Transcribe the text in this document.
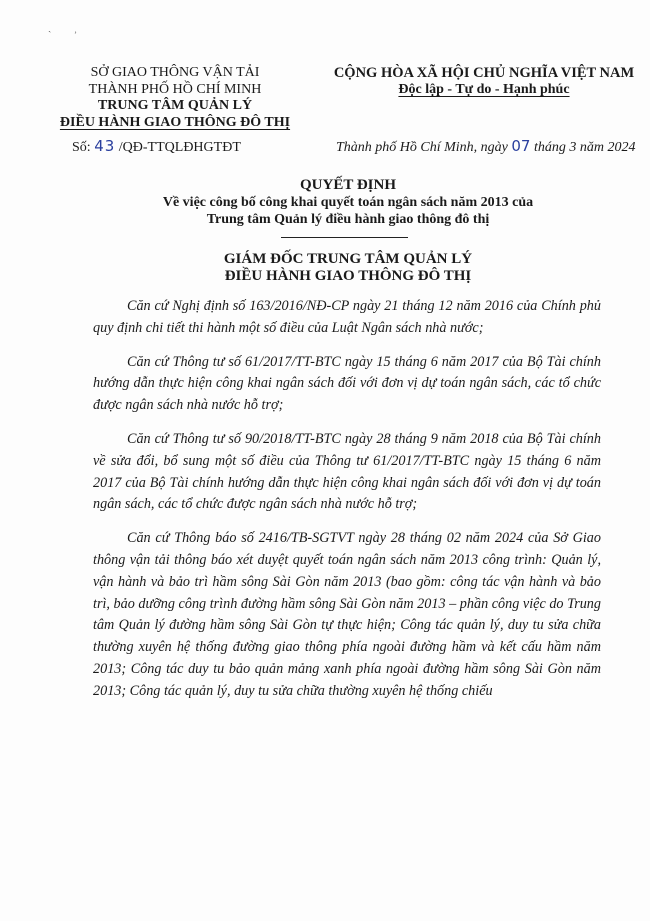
ˎ
ʼ
SỞ GIAO THÔNG VẬN TẢI
THÀNH PHỐ HỒ CHÍ MINH
TRUNG TÂM QUẢN LÝ
ĐIỀU HÀNH GIAO THÔNG ĐÔ THỊ
CỘNG HÒA XÃ HỘI CHỦ NGHĨA VIỆT NAM
Độc lập - Tự do - Hạnh phúc
Số: 43 /QĐ-TTQLĐHGTĐT	Thành phố Hồ Chí Minh, ngày 07 tháng 3 năm 2024
QUYẾT ĐỊNH
Về việc công bố công khai quyết toán ngân sách năm 2013 của
Trung tâm Quản lý điều hành giao thông đô thị
GIÁM ĐỐC TRUNG TÂM QUẢN LÝ
ĐIỀU HÀNH GIAO THÔNG ĐÔ THỊ

Căn cứ Nghị định số 163/2016/NĐ-CP ngày 21 tháng 12 năm 2016 của Chính phủ quy định chi tiết thi hành một số điều của Luật Ngân sách nhà nước;

Căn cứ Thông tư số 61/2017/TT-BTC ngày 15 tháng 6 năm 2017 của Bộ Tài chính hướng dẫn thực hiện công khai ngân sách đối với đơn vị dự toán ngân sách, các tổ chức được ngân sách nhà nước hỗ trợ;

Căn cứ Thông tư số 90/2018/TT-BTC ngày 28 tháng 9 năm 2018 của Bộ Tài chính về sửa đổi, bổ sung một số điều của Thông tư 61/2017/TT-BTC ngày 15 tháng 6 năm 2017 của Bộ Tài chính hướng dẫn thực hiện công khai ngân sách đối với đơn vị dự toán ngân sách, các tổ chức được ngân sách nhà nước hỗ trợ;

Căn cứ Thông báo số 2416/TB-SGTVT ngày 28 tháng 02 năm 2024 của Sở Giao thông vận tải thông báo xét duyệt quyết toán ngân sách năm 2013 công trình: Quản lý, vận hành và bảo trì hầm sông Sài Gòn năm 2013 (bao gồm: công tác vận hành và bảo trì, bảo dưỡng công trình đường hầm sông Sài Gòn năm 2013 – phần công việc do Trung tâm Quản lý đường hầm sông Sài Gòn tự thực hiện; Công tác quản lý, duy tu sửa chữa thường xuyên hệ thống đường giao thông phía ngoài đường hầm và kết cấu hầm năm 2013; Công tác duy tu bảo quản mảng xanh phía ngoài đường hầm sông Sài Gòn năm 2013; Công tác quản lý, duy tu sửa chữa thường xuyên hệ thống chiếu
